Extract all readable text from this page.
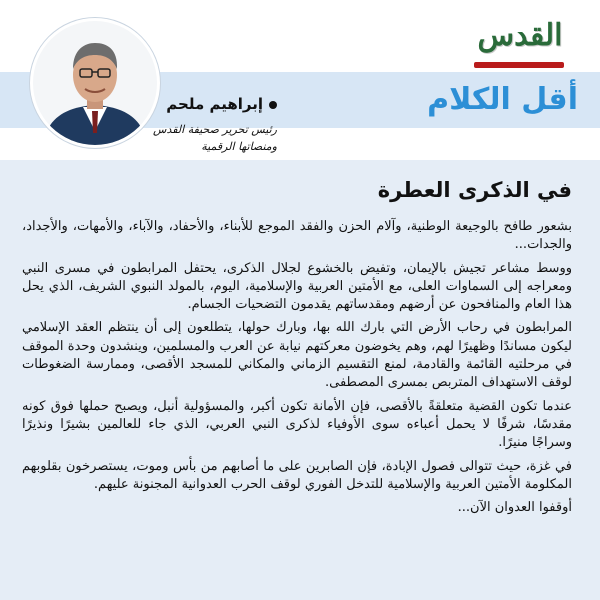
القدس
أقل الكلام
إبراهيم ملحم
رئيس تحرير صحيفة القدس
ومنصاتها الرقمية
في الذكرى العطرة

بشعور طافح بالوجيعة الوطنية، وآلام الحزن والفقد الموجع للأبناء، والأحفاد، والآباء، والأمهات، والأجداد، والجدات...

ووسط مشاعر تجيش بالإيمان، وتفيض بالخشوع لجلال الذكرى، يحتفل المرابطون في مسرى النبي ومعراجه إلى السماوات العلى، مع الأمتين العربية والإسلامية، اليوم، بالمولد النبوي الشريف، الذي يحل هذا العام والمنافحون عن أرضهم ومقدساتهم يقدمون التضحيات الجسام.

المرابطون في رحاب الأرض التي بارك الله بها، وبارك حولها، يتطلعون إلى أن ينتظم العقد الإسلامي ليكون مساندًا وظهيرًا لهم، وهم يخوضون معركتهم نيابة عن العرب والمسلمين، وينشدون وحدة الموقف في مرحلتيه القائمة والقادمة، لمنع التقسيم الزماني والمكاني للمسجد الأقصى، وممارسة الضغوطات لوقف الاستهداف المتربص بمسرى المصطفى.

عندما تكون القضية متعلقةً بالأقصى، فإن الأمانة تكون أكبر، والمسؤولية أنبل، ويصبح حملها فوق كونه مقدسًا، شرفًا لا يحمل أعباءه سوى الأوفياء لذكرى النبي العربي، الذي جاء للعالمين بشيرًا ونذيرًا وسراجًا منيرًا.

في غزة، حيث تتوالى فصول الإبادة، فإن الصابرين على ما أصابهم من بأس وموت، يستصرخون بقلوبهم المكلومة الأمتين العربية والإسلامية للتدخل الفوري لوقف الحرب العدوانية المجنونة عليهم.

أوقفوا العدوان الآن...
